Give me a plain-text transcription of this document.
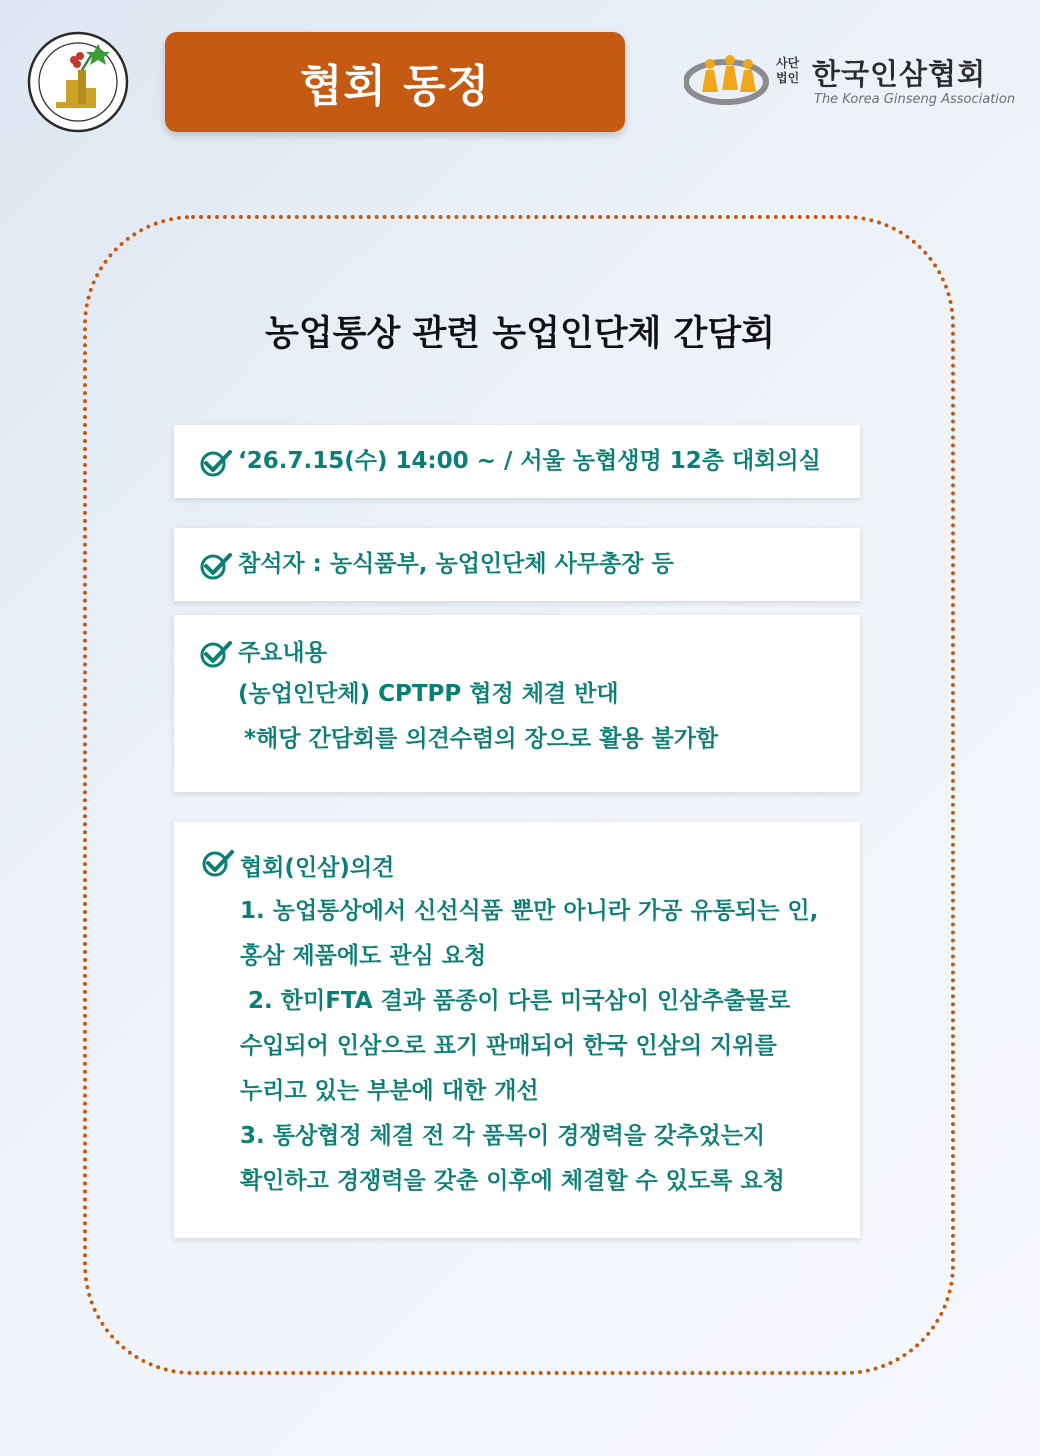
협회 동정	사단
법인 한국인삼협회
The Korea Ginseng Association
농업통상 관련 농업인단체 간담회
‘26.7.15(수) 14:00 ~ / 서울 농협생명 12층 대회의실
참석자 : 농식품부, 농업인단체 사무총장 등
주요내용
(농업인단체) CPTPP 협정 체결 반대
*해당 간담회를 의견수렴의 장으로 활용 불가함
협회(인삼)의견
1. 농업통상에서 신선식품 뿐만 아니라 가공 유통되는 인,
홍삼 제품에도 관심 요청
2. 한미FTA 결과 품종이 다른 미국삼이 인삼추출물로
수입되어 인삼으로 표기 판매되어 한국 인삼의 지위를
누리고 있는 부분에 대한 개선
3. 통상협정 체결 전 각 품목이 경쟁력을 갖추었는지
확인하고 경쟁력을 갖춘 이후에 체결할 수 있도록 요청
